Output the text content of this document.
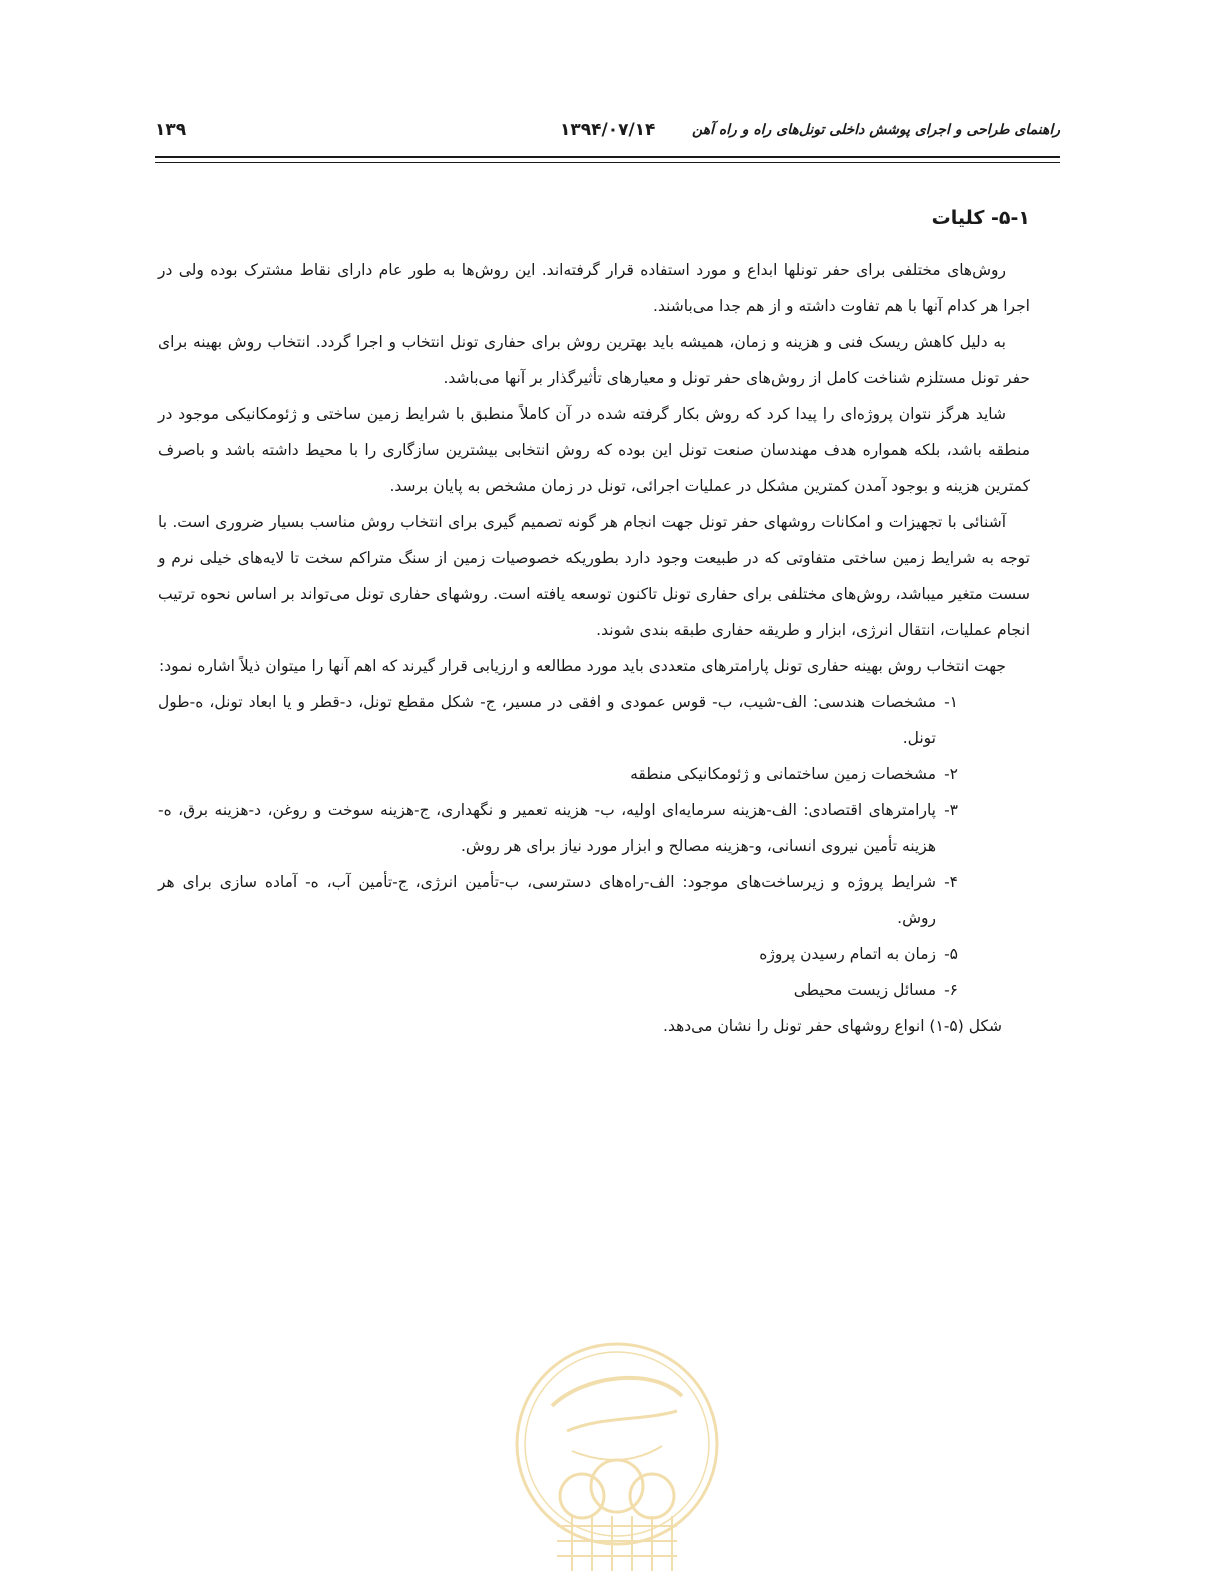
راهنمای طراحی و اجرای پوشش داخلی تونل‌های راه و راه آهن
۱۳۹۴/۰۷/۱۴
۱۳۹
۵-۱- کلیات

روش‌های مختلفی برای حفر تونلها ابداع و مورد استفاده قرار گرفته‌اند. این روش‌ها به طور عام دارای نقاط مشترک بوده ولی در اجرا هر کدام آنها با هم تفاوت داشته و از هم جدا می‌باشند.

به دلیل کاهش ریسک فنی و هزینه و زمان، همیشه باید بهترین روش برای حفاری تونل انتخاب و اجرا گردد. انتخاب روش بهینه برای حفر تونل مستلزم شناخت کامل از روش‌های حفر تونل و معیارهای تأثیرگذار بر آنها می‌باشد.

شاید هرگز نتوان پروژه‌ای را پیدا کرد که روش بکار گرفته شده در آن کاملاً منطبق با شرایط زمین ساختی و ژئومکانیکی موجود در منطقه باشد، بلکه همواره هدف مهندسان صنعت تونل این بوده که روش انتخابی بیشترین سازگاری را با محیط داشته باشد و باصرف کمترین هزینه و بوجود آمدن کمترین مشکل در عملیات اجرائی، تونل در زمان مشخص به پایان برسد.

آشنائی با تجهیزات و امکانات روشهای حفر تونل جهت انجام هر گونه تصمیم گیری برای انتخاب روش مناسب بسیار ضروری است. با توجه به شرایط زمین ساختی متفاوتی که در طبیعت وجود دارد بطوریکه خصوصیات زمین از سنگ متراکم سخت تا لایه‌های خیلی نرم و سست متغیر میباشد، روش‌های مختلفی برای حفاری تونل تاکنون توسعه یافته است. روشهای حفاری تونل می‌تواند بر اساس نحوه ترتیب انجام عملیات، انتقال انرژی، ابزار و طریقه حفاری طبقه بندی شوند.

جهت انتخاب روش بهینه حفاری تونل پارامترهای متعددی باید مورد مطالعه و ارزیابی قرار گیرند که اهم آنها را میتوان ذیلاً اشاره نمود:

۱-
مشخصات هندسی: الف-شیب، ب- قوس عمودی و افقی در مسیر، ج- شکل مقطع تونل، د-قطر و یا ابعاد تونل، ه-طول تونل.
۲-
مشخصات زمین ساختمانی و ژئومکانیکی منطقه
۳-
پارامترهای اقتصادی: الف-هزینه سرمایه‌ای اولیه، ب- هزینه تعمیر و نگهداری، ج-هزینه سوخت و روغن، د-هزینه برق، ه-هزینه تأمین نیروی انسانی، و-هزینه مصالح و ابزار مورد نیاز برای هر روش.
۴-
شرایط پروژه و زیرساخت‌های موجود: الف-راه‌های دسترسی، ب-تأمین انرژی، ج-تأمین آب، ه- آماده سازی برای هر روش.
۵-
زمان به اتمام رسیدن پروژه
۶-
مسائل زیست محیطی

شکل (۵-۱) انواع روشهای حفر تونل را نشان می‌دهد.
